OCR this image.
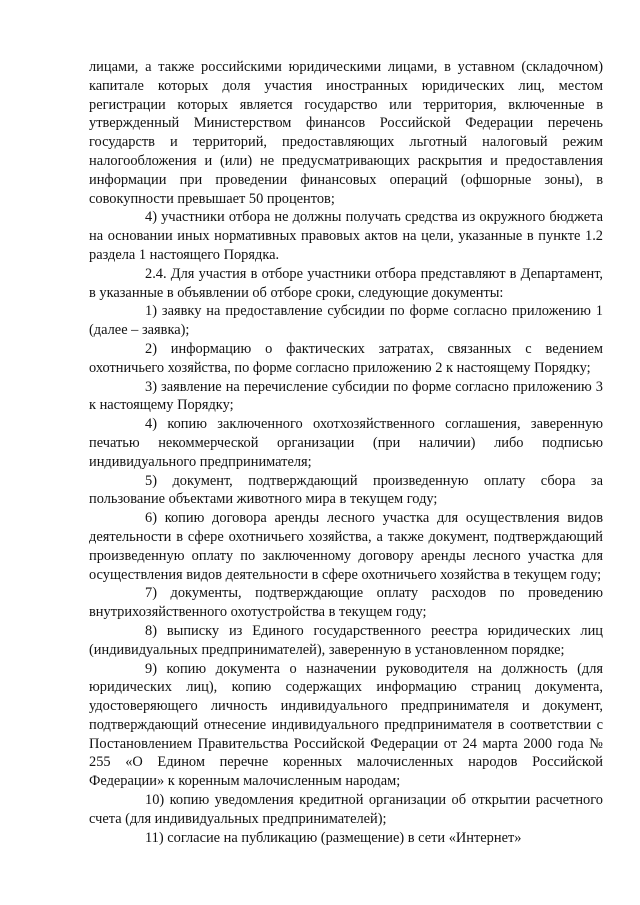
лицами, а также российскими юридическими лицами, в уставном (складочном) капитале которых доля участия иностранных юридических лиц, местом регистрации которых является государство или территория, включенные в утвержденный Министерством финансов Российской Федерации перечень государств и территорий, предоставляющих льготный налоговый режим налогообложения и (или) не предусматривающих раскрытия и предоставления информации при проведении финансовых операций (офшорные зоны), в совокупности превышает 50 процентов;

4) участники отбора не должны получать средства из окружного бюджета на основании иных нормативных правовых актов на цели, указанные в пункте 1.2 раздела 1 настоящего Порядка.

2.4. Для участия в отборе участники отбора представляют в Департамент, в указанные в объявлении об отборе сроки, следующие документы:

1) заявку на предоставление субсидии по форме согласно приложению 1 (далее – заявка);

2) информацию о фактических затратах, связанных с ведением охотничьего хозяйства, по форме согласно приложению 2 к настоящему Порядку;

3) заявление на перечисление субсидии по форме согласно приложению 3 к настоящему Порядку;

4) копию заключенного охотхозяйственного соглашения, заверенную печатью некоммерческой организации (при наличии) либо подписью индивидуального предпринимателя;

5) документ, подтверждающий произведенную оплату сбора за пользование объектами животного мира в текущем году;

6) копию договора аренды лесного участка для осуществления видов деятельности в сфере охотничьего хозяйства, а также документ, подтверждающий произведенную оплату по заключенному договору аренды лесного участка для осуществления видов деятельности в сфере охотничьего хозяйства в текущем году;

7) документы, подтверждающие оплату расходов по проведению внутрихозяйственного охотустройства в текущем году;

8) выписку из Единого государственного реестра юридических лиц (индивидуальных предпринимателей), заверенную в установленном порядке;

9) копию документа о назначении руководителя на должность (для юридических лиц), копию содержащих информацию страниц документа, удостоверяющего личность индивидуального предпринимателя и документ, подтверждающий отнесение индивидуального предпринимателя в соответствии с Постановлением Правительства Российской Федерации от 24 марта 2000 года № 255 «О Едином перечне коренных малочисленных народов Российской Федерации» к коренным малочисленным народам;

10) копию уведомления кредитной организации об открытии расчетного счета (для индивидуальных предпринимателей);

11) согласие на публикацию (размещение) в сети «Интернет»
